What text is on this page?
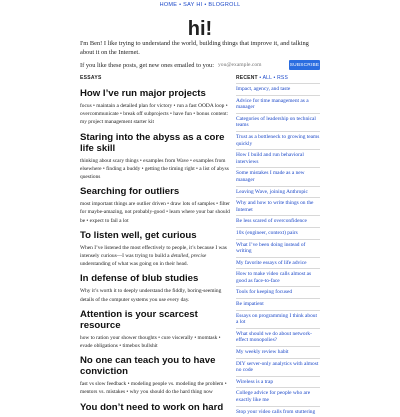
HOME • SAY HI • BLOGROLL
hi!

I'm Ben! I like trying to understand the world, building things that improve it, and talking about it on the Internet.

If you like these posts, get new ones emailed to you:
you@example.com	SUBSCRIBE
ESSAYS
How I’ve run major projects

focus • maintain a detailed plan for victory • run a fast OODA loop • overcommunicate • break off subprojects • have fun • bonus content: my project management starter kit

Staring into the abyss as a core life skill

thinking about scary things • examples from Wave • examples from elsewhere • finding a buddy • getting the timing right • a list of abyss questions

Searching for outliers

most important things are outlier driven • draw lots of samples • filter for maybe-amazing, not probably-good • learn where your bar should be • expect to fail a lot

To listen well, get curious

When I’ve listened the most effectively to people, it’s because I was intensely curious—I was trying to build a detailed, precise understanding of what was going on in their head.

In defense of blub studies

Why it’s worth it to deeply understand the fiddly, boring-seeming details of the computer systems you use every day.

Attention is your scarcest resource

how to ration your shower thoughts • cure viscerally • momtask • evade obligations • timebox bullshit

No one can teach you to have conviction

fast vs slow feedback • modeling people vs. modeling the problem • mentors vs. mistakes • why you should do the hard thing now

You don’t need to work on hard
RECENT • ALL • RSS
Impact, agency, and taste
Advice for time management as a manager
Categories of leadership on technical teams
Trust as a bottleneck to growing teams quickly
How I build and run behavioral interviews
Some mistakes I made as a new manager
Leaving Wave, joining Anthropic
Why and how to write things on the Internet
Be less scared of overconfidence
10x (engineer, context) pairs
What I’ve been doing instead of writing
My favorite essays of life advice
How to make video calls almost as good as face-to-face
Tools for keeping focused
Be impatient
Essays on programming I think about a lot
What should we do about network-effect monopolies?
My weekly review habit
DIY server-only analytics with almost no code
Wireless is a trap
College advice for people who are exactly like me
Stop your video calls from stuttering
